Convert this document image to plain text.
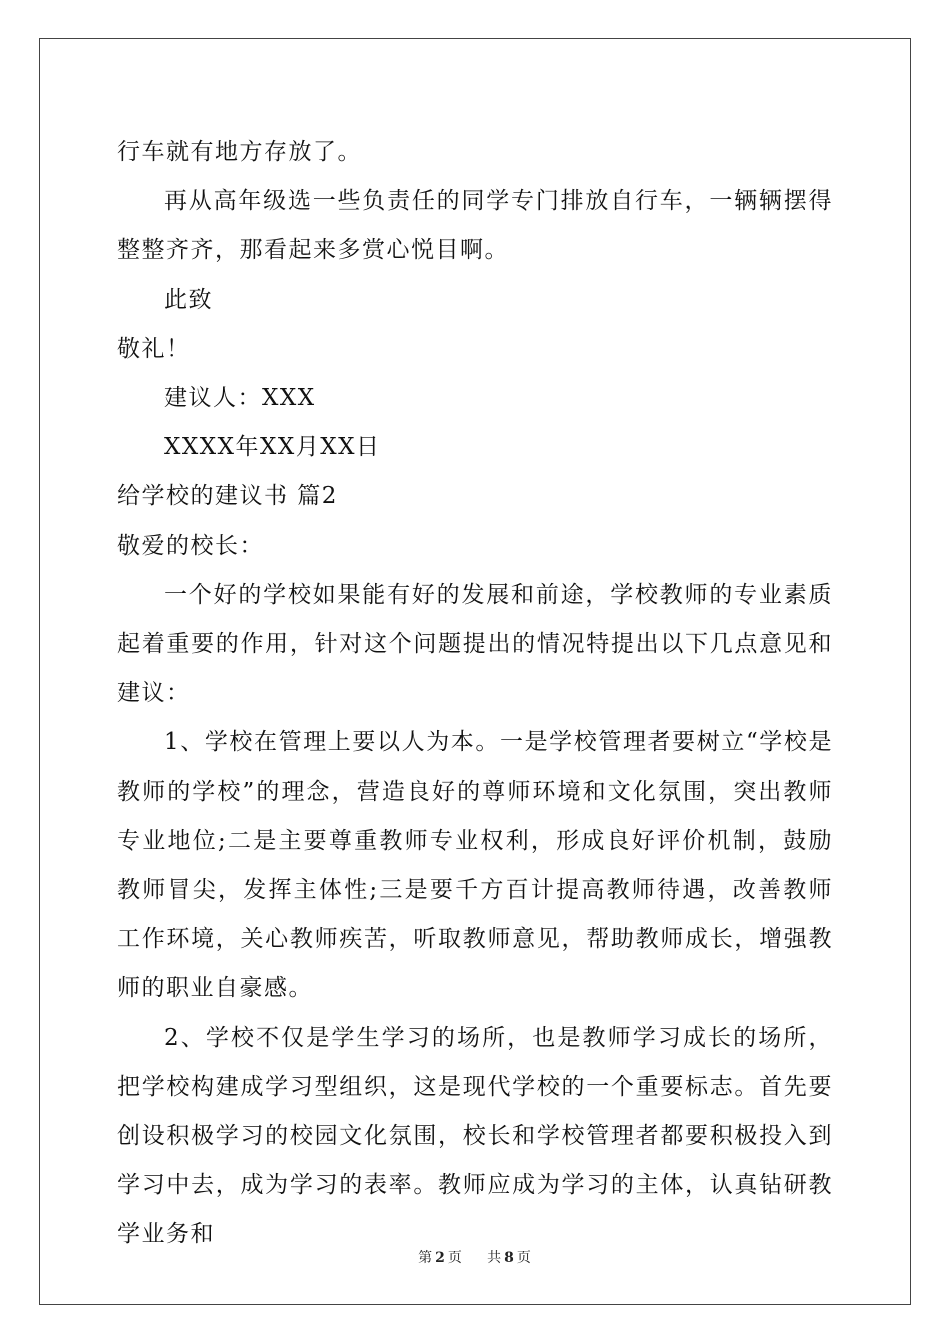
行车就有地方存放了。

再从高年级选一些负责任的同学专门排放自行车，一辆辆摆得整整齐齐，那看起来多赏心悦目啊。

此致

敬礼！

建议人：XXX

XXXX年XX月XX日

给学校的建议书 篇2

敬爱的校长：

一个好的学校如果能有好的发展和前途，学校教师的专业素质起着重要的作用，针对这个问题提出的情况特提出以下几点意见和建议：

1、学校在管理上要以人为本。一是学校管理者要树立“学校是教师的学校”的理念，营造良好的尊师环境和文化氛围，突出教师专业地位;二是主要尊重教师专业权利，形成良好评价机制，鼓励教师冒尖，发挥主体性;三是要千方百计提高教师待遇，改善教师工作环境，关心教师疾苦，听取教师意见，帮助教师成长，增强教师的职业自豪感。

2、学校不仅是学生学习的场所，也是教师学习成长的场所，把学校构建成学习型组织，这是现代学校的一个重要标志。首先要创设积极学习的校园文化氛围，校长和学校管理者都要积极投入到学习中去，成为学习的表率。教师应成为学习的主体，认真钻研教学业务和

第 2 页 共 8 页
